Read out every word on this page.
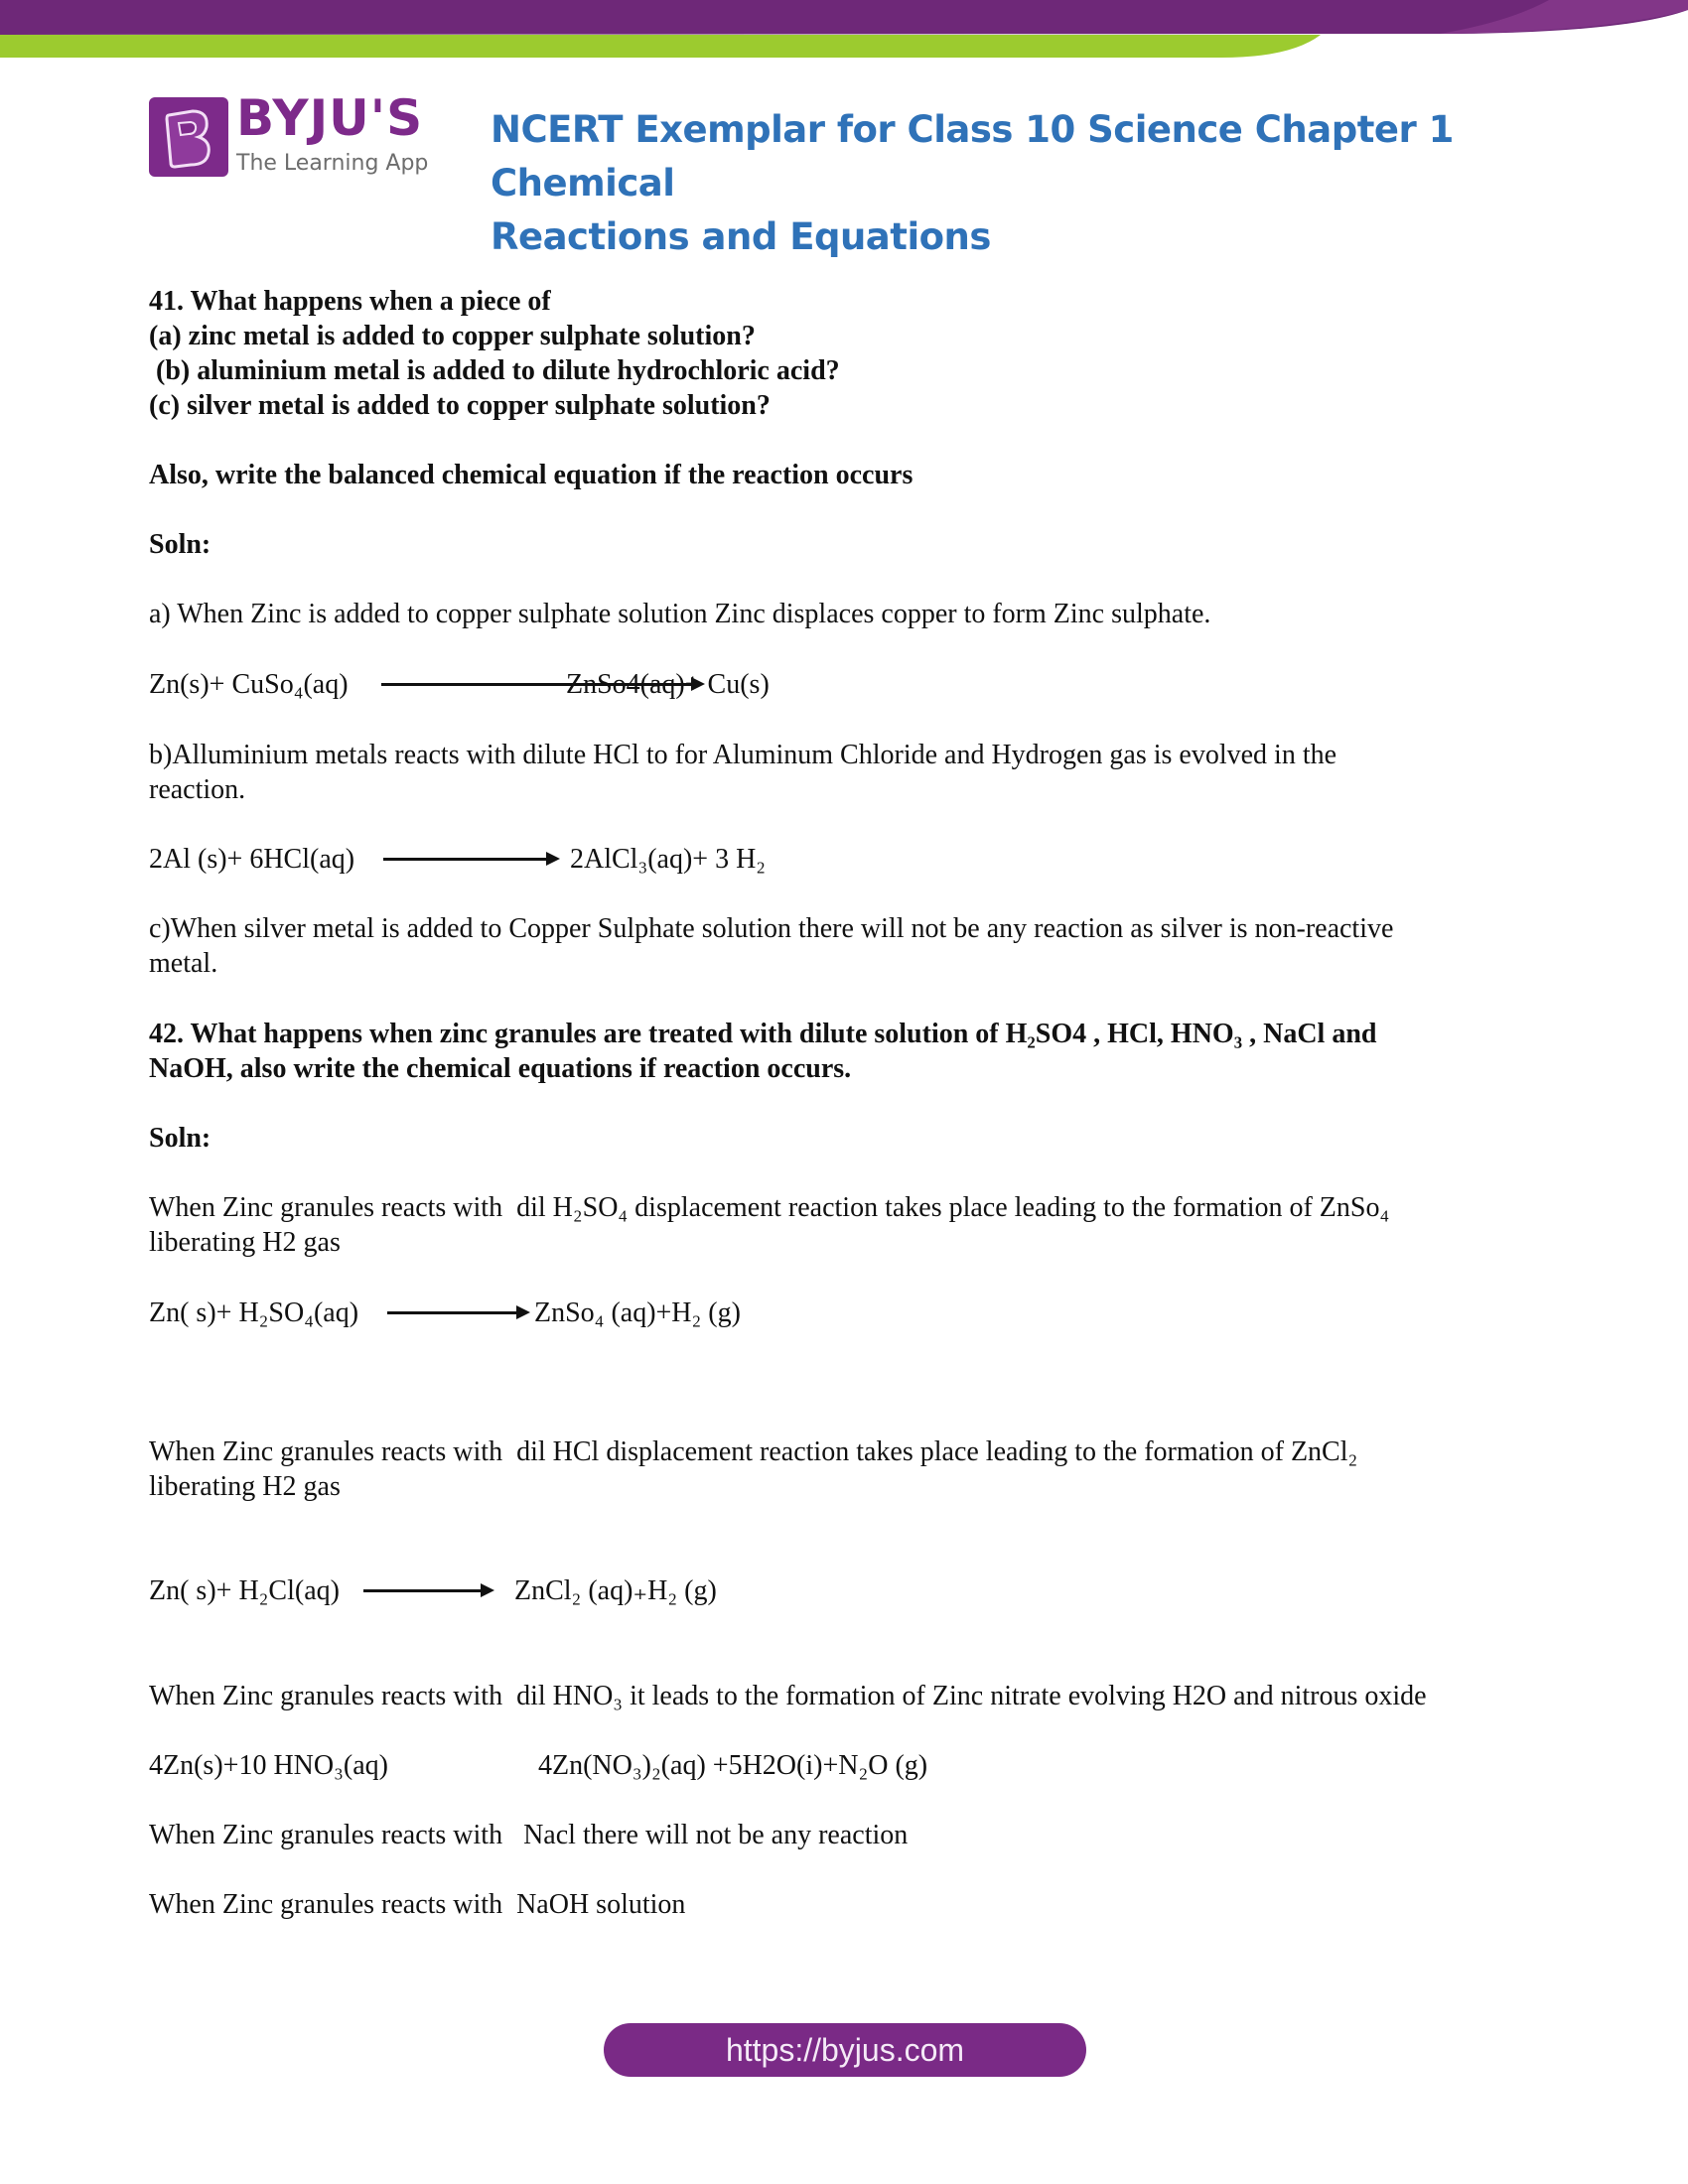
BYJU'S
The Learning App
NCERT Exemplar for Class 10 Science Chapter 1 Chemical
Reactions and Equations
41. What happens when a piece of
(a) zinc metal is added to copper sulphate solution?
(b) aluminium metal is added to dilute hydrochloric acid?
(c) silver metal is added to copper sulphate solution?
Also, write the balanced chemical equation if the reaction occurs
Soln:
a) When Zinc is added to copper sulphate solution Zinc displaces copper to form Zinc sulphate.
Zn(s)+ CuSo₄(aq)	ZnSo4(aq)+ Cu(s)
b)Alluminium metals reacts with dilute HCl to for Aluminum Chloride and Hydrogen gas is evolved in the
reaction.
2Al (s)+ 6HCl(aq)	2AlCl₃(aq)+ 3 H₂
c)When silver metal is added to Copper Sulphate solution there will not be any reaction as silver is non-reactive
metal.
42. What happens when zinc granules are treated with dilute solution of H₂SO4 , HCl, HNO₃ , NaCl and
NaOH, also write the chemical equations if reaction occurs.
Soln:
When Zinc granules reacts with  dil H₂SO₄ displacement reaction takes place leading to the formation of ZnSo₄
liberating H2 gas
Zn( s)+ H₂SO₄(aq)	ZnSo₄ (aq)+H₂ (g)
When Zinc granules reacts with  dil HCl displacement reaction takes place leading to the formation of ZnCl₂
liberating H2 gas
Zn( s)+ H₂Cl(aq)	ZnCl₂ (aq)₊H₂ (g)
When Zinc granules reacts with  dil HNO₃ it leads to the formation of Zinc nitrate evolving H2O and nitrous oxide
4Zn(s)+10 HNO₃(aq)	4Zn(NO₃)₂(aq) +5H2O(i)+N₂O (g)
When Zinc granules reacts with   Nacl there will not be any reaction
When Zinc granules reacts with  NaOH solution
https://byjus.com
